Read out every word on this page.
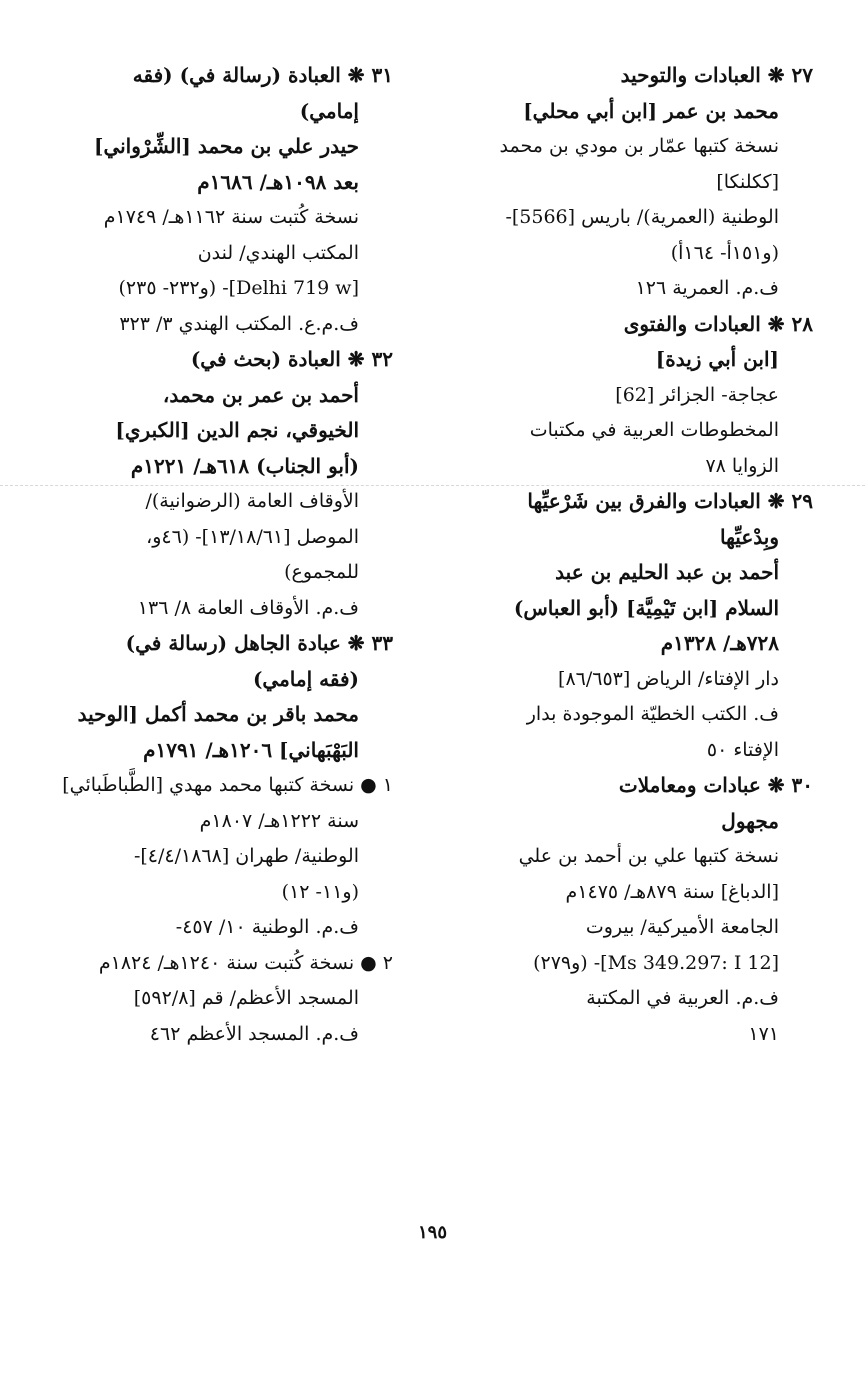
٢٧ ❋ العبادات والتوحيد
محمد بن عمر [ابن أبي محلي]
نسخة كتبها عمّار بن مودي بن محمد
[ككلنكا]
الوطنية (العمرية)/ باريس [5566]-
(و١٥١أ- ١٦٤أ)
ف.م. العمرية ١٢٦
٢٨ ❋ العبادات والفتوى
[ابن أبي زيدة]
عجاجة- الجزائر [62]
المخطوطات العربية في مكتبات
الزوايا ٧٨
٢٩ ❋ العبادات والفرق بين شَرْعيِّها
وبِدْعيِّها
أحمد بن عبد الحليم بن عبد
السلام [ابن تَيْمِيَّة] (أبو العباس)
٧٢٨هـ/ ١٣٢٨م
دار الإفتاء/ الرياض [٨٦/٦٥٣]
ف. الكتب الخطيّة الموجودة بدار
الإفتاء ٥٠
٣٠ ❋ عبادات ومعاملات
مجهول
نسخة كتبها علي بن أحمد بن علي
[الدباغ] سنة ٨٧٩هـ/ ١٤٧٥م
الجامعة الأميركية/ بيروت
[Ms 349.297: I 12]- (و٢٧٩)
ف.م. العربية في المكتبة
١٧١
٣١ ❋ العبادة (رسالة في) (فقه
إمامي)
حيدر علي بن محمد [الشِّرْواني]
بعد ١٠٩٨هـ/ ١٦٨٦م
نسخة كُتبت سنة ١١٦٢هـ/ ١٧٤٩م
المكتب الهندي/ لندن
[Delhi 719 w]- (و٢٣٢- ٢٣٥)
ف.م.ع. المكتب الهندي ٣/ ٣٢٣
٣٢ ❋ العبادة (بحث في)
أحمد بن عمر بن محمد،
الخيوقي، نجم الدين [الكبري]
(أبو الجناب) ٦١٨هـ/ ١٢٢١م
الأوقاف العامة (الرضوانية)/
الموصل [١٣/١٨/٦١]- (٤٦و،
للمجموع)
ف.م. الأوقاف العامة ٨/ ١٣٦
٣٣ ❋ عبادة الجاهل (رسالة في)
(فقه إمامي)
محمد باقر بن محمد أكمل [الوحيد
البَهْبَهاني] ١٢٠٦هـ/ ١٧٩١م
١ ● نسخة كتبها محمد مهدي [الطَّباطَبائي]
سنة ١٢٢٢هـ/ ١٨٠٧م
الوطنية/ طهران [٤/٤/١٨٦٨]-
(و١١- ١٢)
ف.م. الوطنية ١٠/ ٤٥٧-
٢ ● نسخة كُتبت سنة ١٢٤٠هـ/ ١٨٢٤م
المسجد الأعظم/ قم [٥٩٢/٨]
ف.م. المسجد الأعظم ٤٦٢
١٩٥
